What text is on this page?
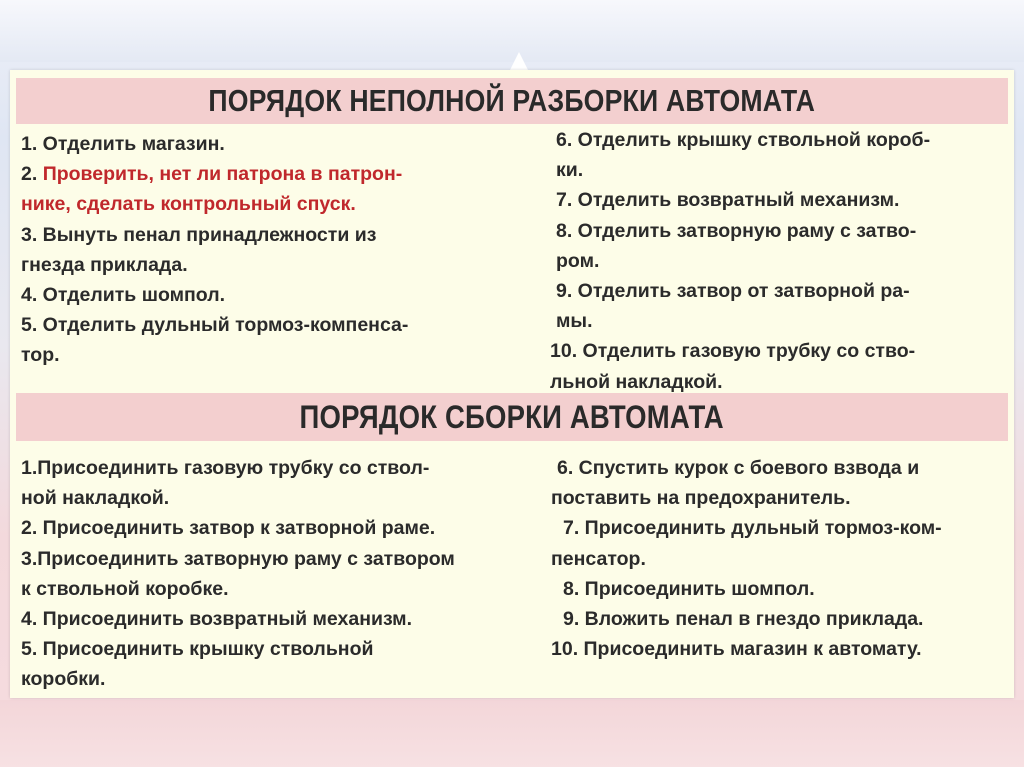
ПОРЯДОК НЕПОЛНОЙ РАЗБОРКИ АВТОМАТА
1. Отделить магазин.
2. Проверить, нет ли патрона в патрон-
нике, сделать контрольный спуск.
3. Вынуть пенал принадлежности из
гнезда приклада.
4. Отделить шомпол.
5. Отделить дульный тормоз-компенса-
тор.
6. Отделить крышку ствольной короб-
ки.
7. Отделить возвратный механизм.
8. Отделить затворную раму с затво-
ром.
9. Отделить затвор от затворной ра-
мы.
10. Отделить газовую трубку со ство-
льной накладкой.
ПОРЯДОК СБОРКИ АВТОМАТА
1.Присоединить газовую трубку со ствол-
ной накладкой.
2. Присоединить затвор к затворной раме.
3.Присоединить затворную раму с затвором
к ствольной коробке.
4. Присоединить возвратный механизм.
5. Присоединить крышку ствольной
коробки.
6. Спустить курок с боевого взвода и
поставить на предохранитель.
7. Присоединить дульный тормоз-ком-
пенсатор.
8. Присоединить шомпол.
9. Вложить пенал в гнездо приклада.
10. Присоединить магазин к автомату.
